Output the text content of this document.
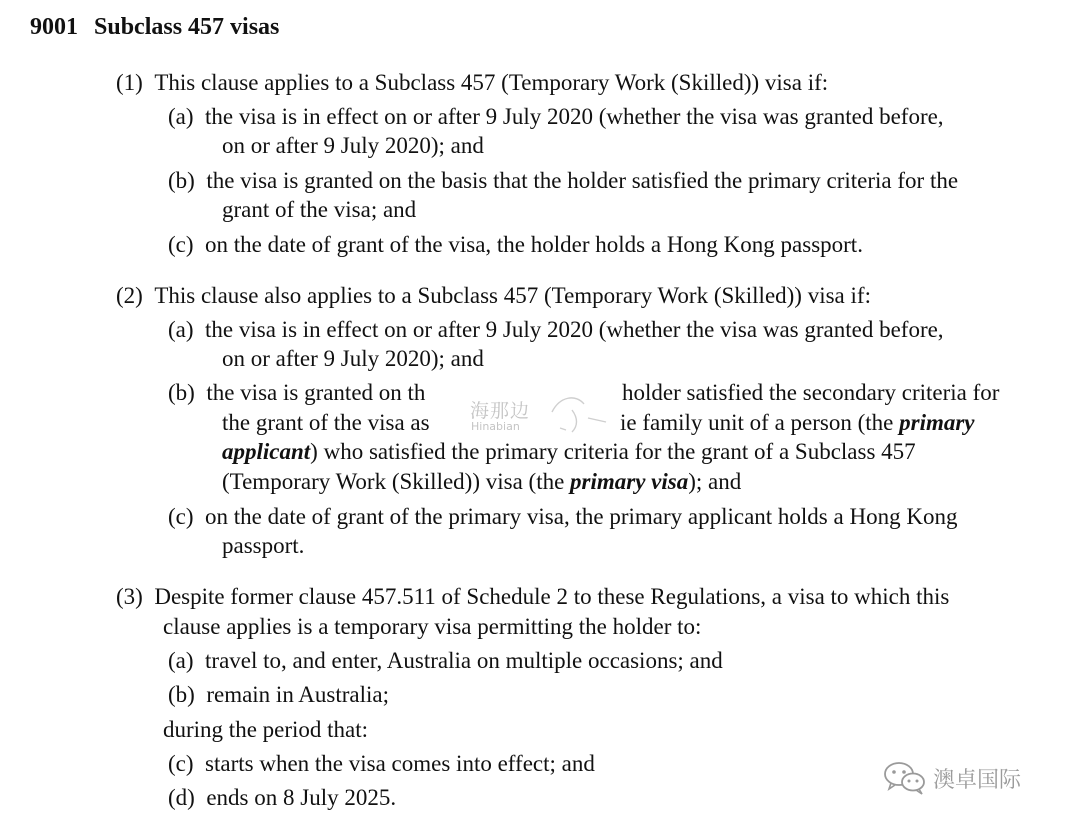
9001 Subclass 457 visas
(1) This clause applies to a Subclass 457 (Temporary Work (Skilled)) visa if:
(a) the visa is in effect on or after 9 July 2020 (whether the visa was granted before,
on or after 9 July 2020); and
(b) the visa is granted on the basis that the holder satisfied the primary criteria for the
grant of the visa; and
(c) on the date of grant of the visa, the holder holds a Hong Kong passport.
(2) This clause also applies to a Subclass 457 (Temporary Work (Skilled)) visa if:
(a) the visa is in effect on or after 9 July 2020 (whether the visa was granted before,
on or after 9 July 2020); and
(b) the visa is granted on th	holder satisfied the secondary criteria for
the grant of the visa as	ie family unit of a person (the primary
applicant) who satisfied the primary criteria for the grant of a Subclass 457
(Temporary Work (Skilled)) visa (the primary visa); and
(c) on the date of grant of the primary visa, the primary applicant holds a Hong Kong
passport.
海那边
Hinabian
(3) Despite former clause 457.511 of Schedule 2 to these Regulations, a visa to which this
clause applies is a temporary visa permitting the holder to:
(a) travel to, and enter, Australia on multiple occasions; and
(b) remain in Australia;
during the period that:
(c) starts when the visa comes into effect; and
(d) ends on 8 July 2025.
澳卓国际
